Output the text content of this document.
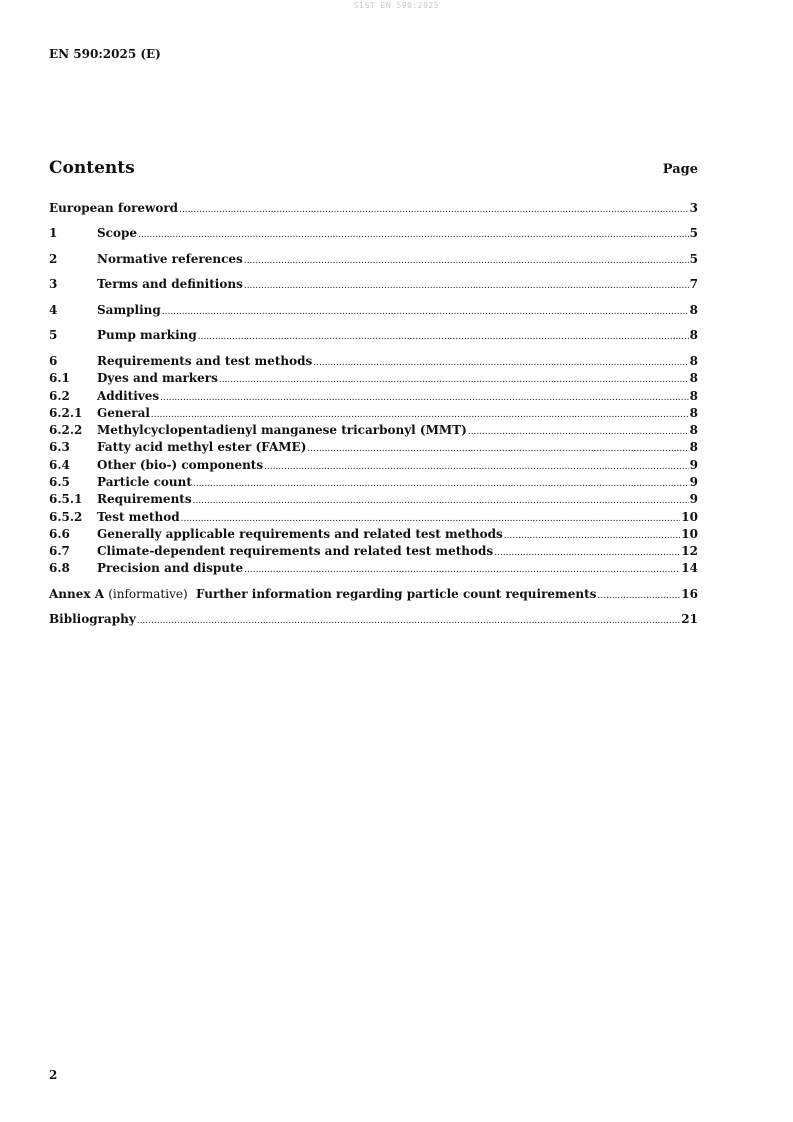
SIST EN 590:2025
EN 590:2025 (E)
Contents	Page
European foreword .....	3
1	Scope .....	5
2	Normative references .....	5
3	Terms and definitions .....	7
4	Sampling .....	8
5	Pump marking .....	8
6	Requirements and test methods .....	8
6.1	Dyes and markers .....	8
6.2	Additives .....	8
6.2.1	General .....	8
6.2.2	Methylcyclopentadienyl manganese tricarbonyl (MMT) .....	8
6.3	Fatty acid methyl ester (FAME) .....	8
6.4	Other (bio-) components .....	9
6.5	Particle count .....	9
6.5.1	Requirements .....	9
6.5.2	Test method .....	10
6.6	Generally applicable requirements and related test methods .....	10
6.7	Climate-dependent requirements and related test methods .....	12
6.8	Precision and dispute .....	14
Annex A (informative) Further information regarding particle count requirements .....	16
Bibliography .....	21
2
